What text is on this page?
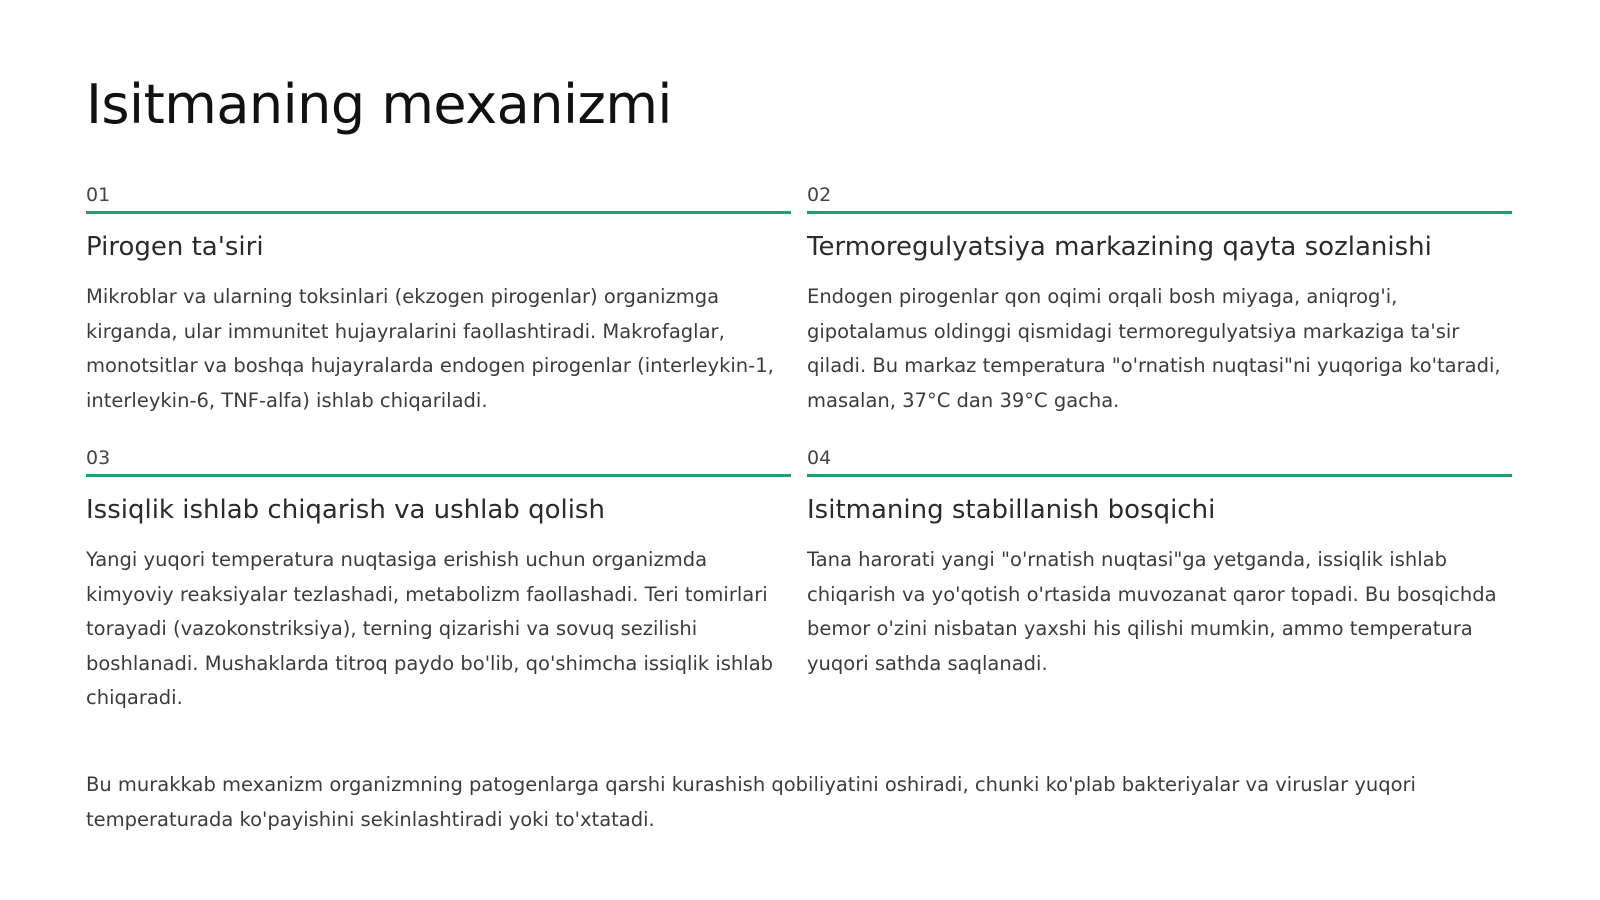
Isitmaning mexanizmi
01
Pirogen ta'siri

Mikroblar va ularning toksinlari (ekzogen pirogenlar) organizmga kirganda, ular immunitet hujayralarini faollashtiradi. Makrofaglar, monotsitlar va boshqa hujayralarda endogen pirogenlar (interleykin-1, interleykin-6, TNF-alfa) ishlab chiqariladi.

02
Termoregulyatsiya markazining qayta sozlanishi

Endogen pirogenlar qon oqimi orqali bosh miyaga, aniqrog'i, gipotalamus oldinggi qismidagi termoregulyatsiya markaziga ta'sir qiladi. Bu markaz temperatura "o'rnatish nuqtasi"ni yuqoriga ko'taradi, masalan, 37°C dan 39°C gacha.

03
Issiqlik ishlab chiqarish va ushlab qolish

Yangi yuqori temperatura nuqtasiga erishish uchun organizmda kimyoviy reaksiyalar tezlashadi, metabolizm faollashadi. Teri tomirlari torayadi (vazokonstriksiya), terning qizarishi va sovuq sezilishi boshlanadi. Mushaklarda titroq paydo bo'lib, qo'shimcha issiqlik ishlab chiqaradi.

04
Isitmaning stabillanish bosqichi

Tana harorati yangi "o'rnatish nuqtasi"ga yetganda, issiqlik ishlab chiqarish va yo'qotish o'rtasida muvozanat qaror topadi. Bu bosqichda bemor o'zini nisbatan yaxshi his qilishi mumkin, ammo temperatura yuqori sathda saqlanadi.

Bu murakkab mexanizm organizmning patogenlarga qarshi kurashish qobiliyatini oshiradi, chunki ko'plab bakteriyalar va viruslar yuqori temperaturada ko'payishini sekinlashtiradi yoki to'xtatadi.
